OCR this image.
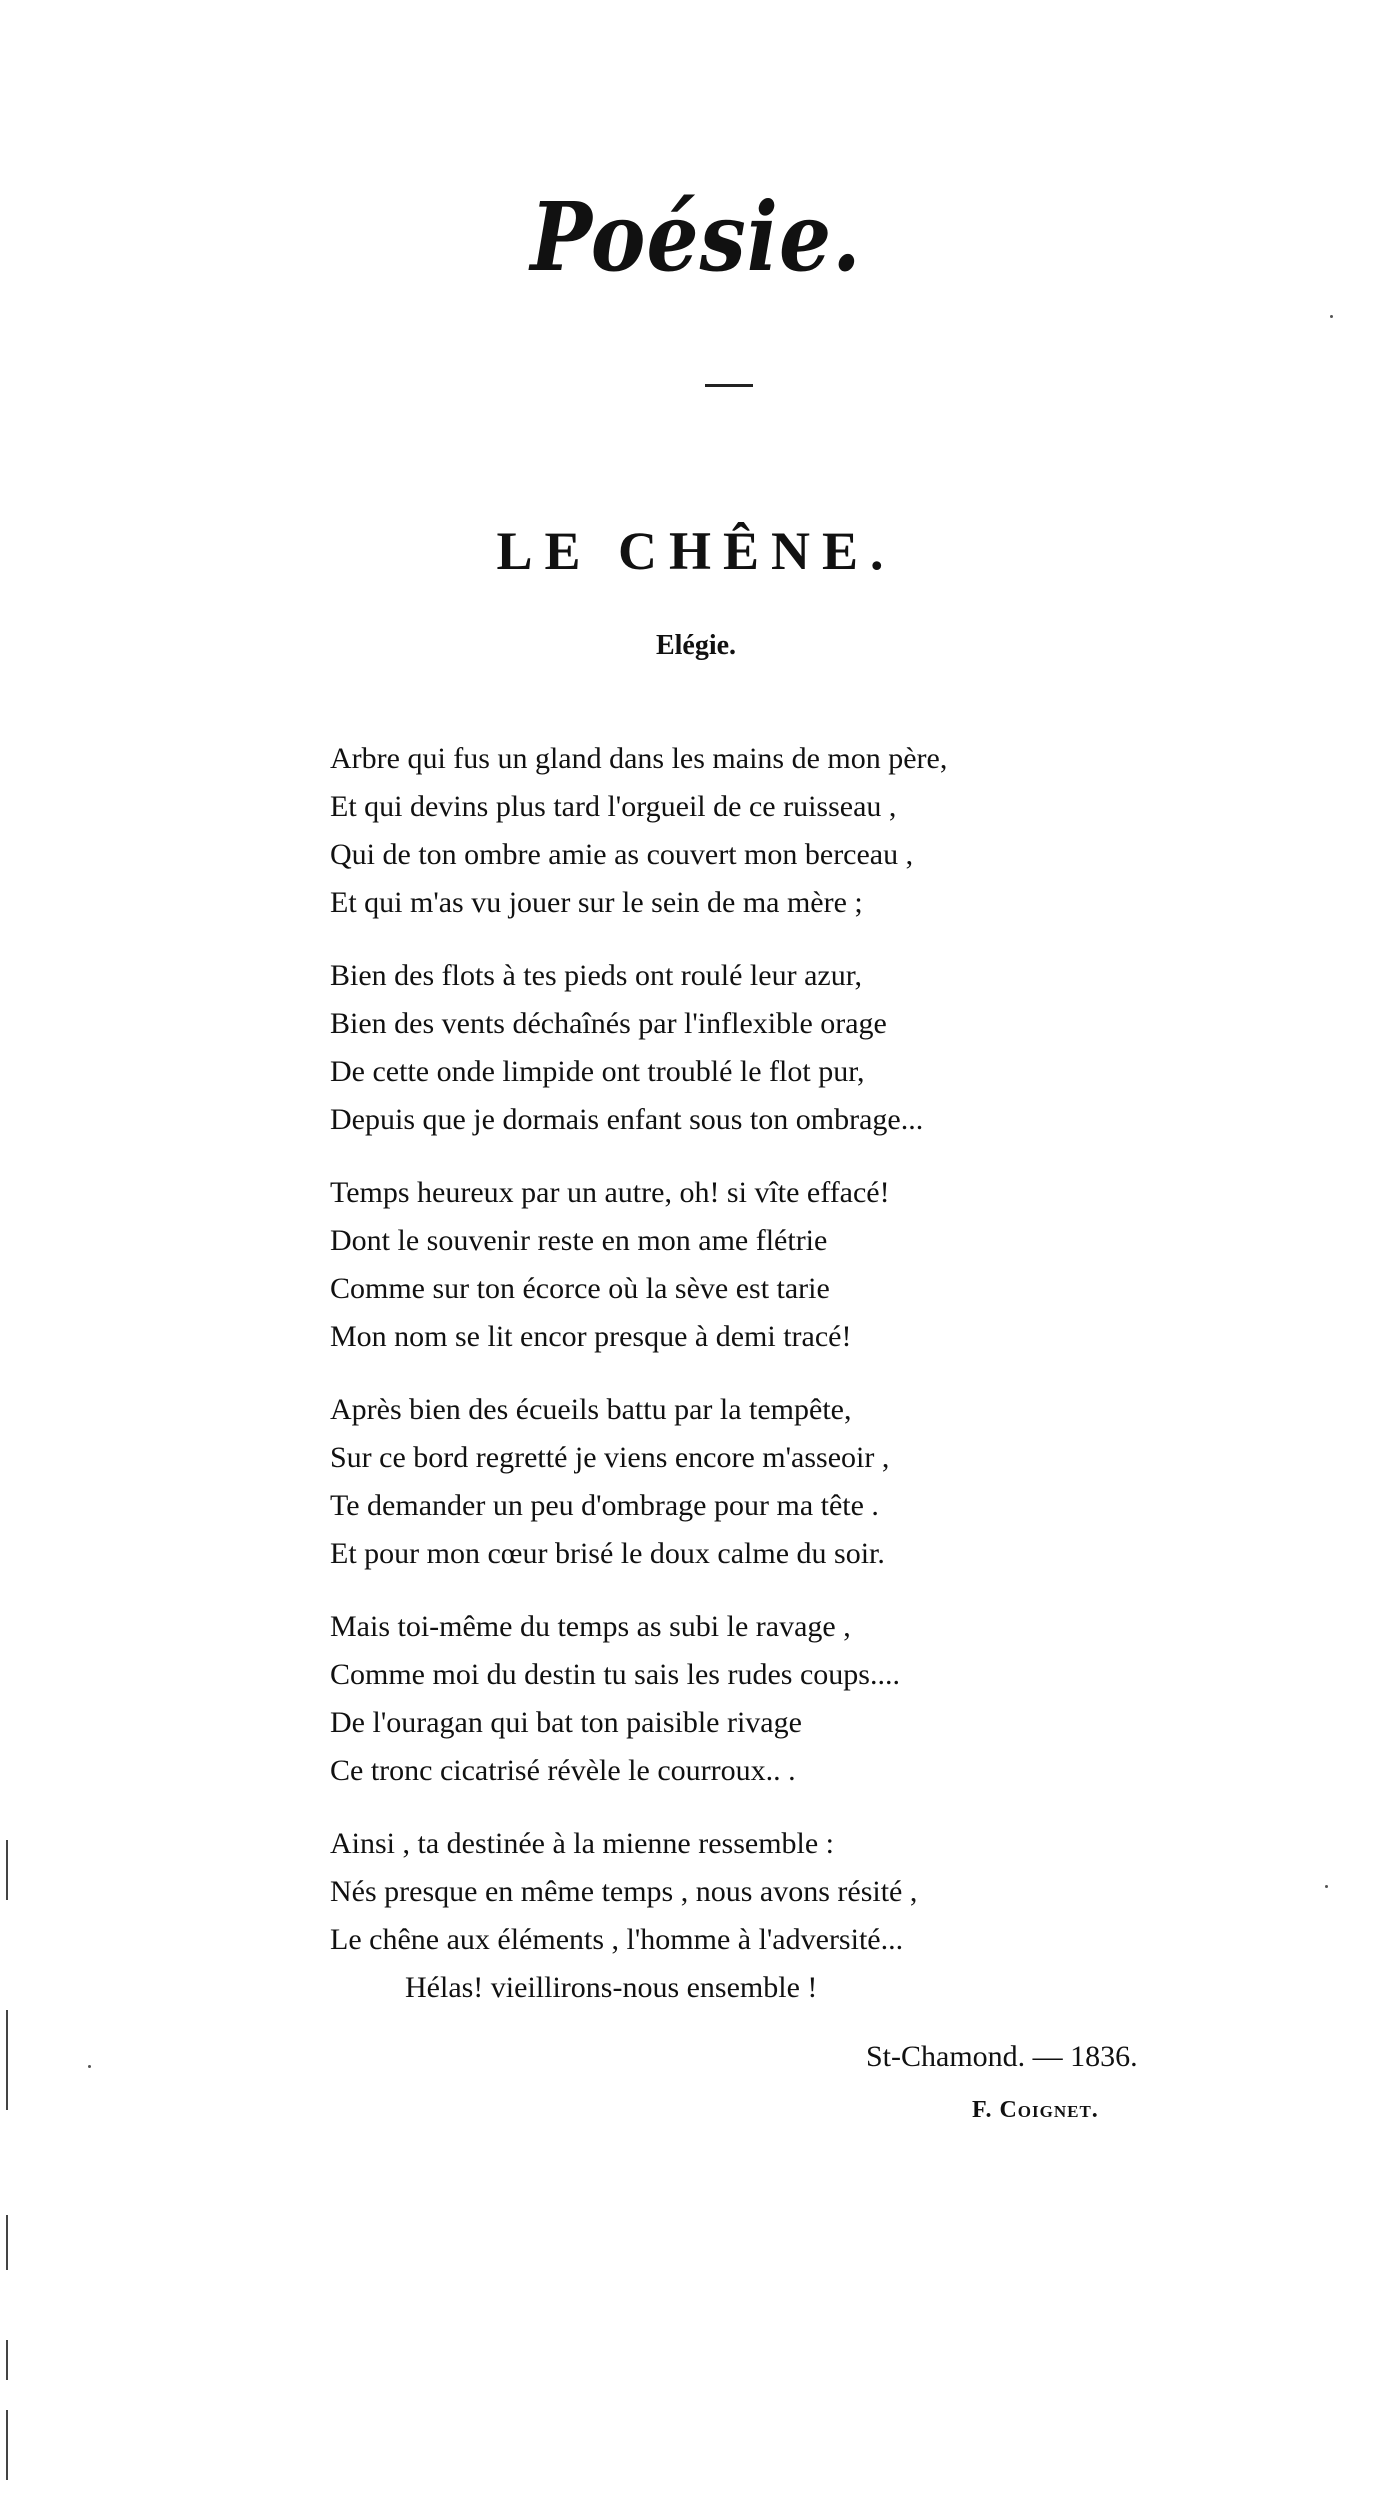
Poésie.
LE CHÊNE.
Elégie.
Arbre qui fus un gland dans les mains de mon père,
Et qui devins plus tard l'orgueil de ce ruisseau ,
Qui de ton ombre amie as couvert mon berceau ,
Et qui m'as vu jouer sur le sein de ma mère ;
Bien des flots à tes pieds ont roulé leur azur,
Bien des vents déchaînés par l'inflexible orage
De cette onde limpide ont troublé le flot pur,
Depuis que je dormais enfant sous ton ombrage...
Temps heureux par un autre, oh! si vîte effacé!
Dont le souvenir reste en mon ame flétrie
Comme sur ton écorce où la sève est tarie
Mon nom se lit encor presque à demi tracé!
Après bien des écueils battu par la tempête,
Sur ce bord regretté je viens encore m'asseoir ,
Te demander un peu d'ombrage pour ma tête .
Et pour mon cœur brisé le doux calme du soir.
Mais toi-même du temps as subi le ravage ,
Comme moi du destin tu sais les rudes coups....
De l'ouragan qui bat ton paisible rivage
Ce tronc cicatrisé révèle le courroux.. .
Ainsi , ta destinée à la mienne ressemble :
Nés presque en même temps , nous avons résité ,
Le chêne aux éléments , l'homme à l'adversité...
Hélas! vieillirons-nous ensemble !
St-Chamond. — 1836.
F. Coignet.
